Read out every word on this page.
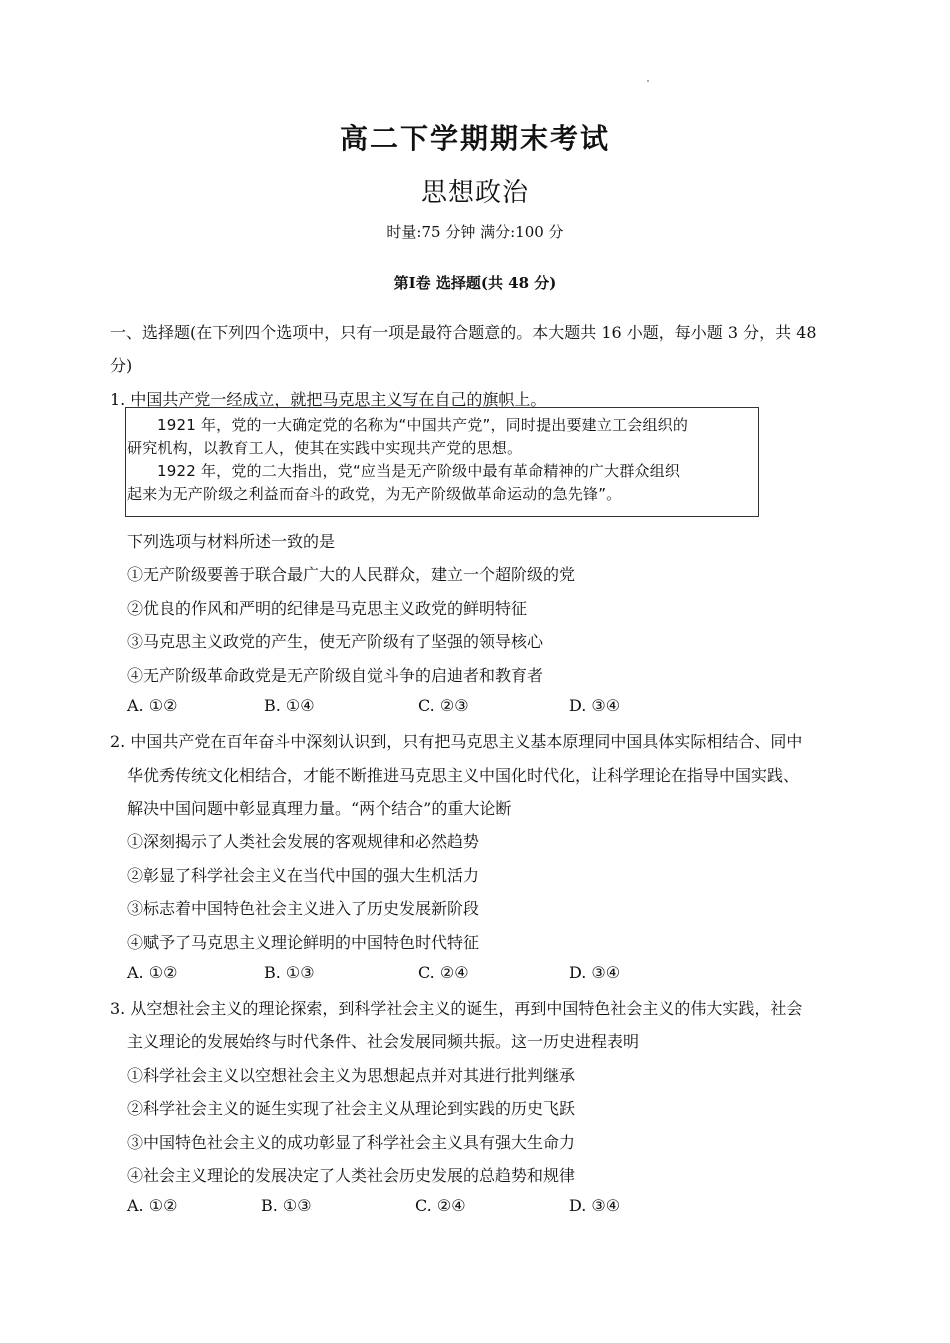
高二下学期期末考试
思想政治
时量:75 分钟 满分:100 分
第Ⅰ卷 选择题(共 48 分)
一、选择题(在下列四个选项中，只有一项是最符合题意的。本大题共 16 小题，每小题 3 分，共 48
分)
1. 中国共产党一经成立，就把马克思主义写在自己的旗帜上。

1921 年，党的一大确定党的名称为“中国共产党”，同时提出要建立工会组织的

研究机构，以教育工人，使其在实践中实现共产党的思想。

1922 年，党的二大指出，党“应当是无产阶级中最有革命精神的广大群众组织

起来为无产阶级之利益而奋斗的政党，为无产阶级做革命运动的急先锋”。

下列选项与材料所述一致的是
①无产阶级要善于联合最广大的人民群众，建立一个超阶级的党
②优良的作风和严明的纪律是马克思主义政党的鲜明特征
③马克思主义政党的产生，使无产阶级有了坚强的领导核心
④无产阶级革命政党是无产阶级自觉斗争的启迪者和教育者
A. ①②	B. ①④	C. ②③	D. ③④
2. 中国共产党在百年奋斗中深刻认识到，只有把马克思主义基本原理同中国具体实际相结合、同中
华优秀传统文化相结合，才能不断推进马克思主义中国化时代化，让科学理论在指导中国实践、
解决中国问题中彰显真理力量。“两个结合”的重大论断
①深刻揭示了人类社会发展的客观规律和必然趋势
②彰显了科学社会主义在当代中国的强大生机活力
③标志着中国特色社会主义进入了历史发展新阶段
④赋予了马克思主义理论鲜明的中国特色时代特征
A. ①②	B. ①③	C. ②④	D. ③④
3. 从空想社会主义的理论探索，到科学社会主义的诞生，再到中国特色社会主义的伟大实践，社会
主义理论的发展始终与时代条件、社会发展同频共振。这一历史进程表明
①科学社会主义以空想社会主义为思想起点并对其进行批判继承
②科学社会主义的诞生实现了社会主义从理论到实践的历史飞跃
③中国特色社会主义的成功彰显了科学社会主义具有强大生命力
④社会主义理论的发展决定了人类社会历史发展的总趋势和规律
A. ①②	B. ①③	C. ②④	D. ③④
